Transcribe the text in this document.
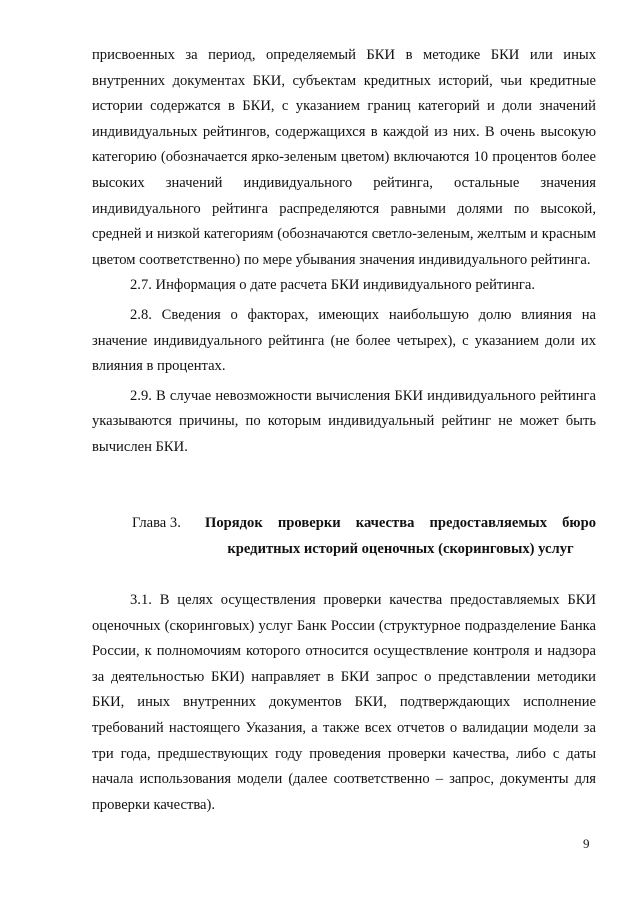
присвоенных за период, определяемый БКИ в методике БКИ или иных внутренних документах БКИ, субъектам кредитных историй, чьи кредитные истории содержатся в БКИ, с указанием границ категорий и доли значений индивидуальных рейтингов, содержащихся в каждой из них. В очень высокую категорию (обозначается ярко-зеленым цветом) включаются 10 процентов более высоких значений индивидуального рейтинга, остальные значения индивидуального рейтинга распределяются равными долями по высокой, средней и низкой категориям (обозначаются светло-зеленым, желтым и красным цветом соответственно) по мере убывания значения индивидуального рейтинга.

2.7. Информация о дате расчета БКИ индивидуального рейтинга.

2.8. Сведения о факторах, имеющих наибольшую долю влияния на значение индивидуального рейтинга (не более четырех), с указанием доли их влияния в процентах.

2.9. В случае невозможности вычисления БКИ индивидуального рейтинга указываются причины, по которым индивидуальный рейтинг не может быть вычислен БКИ.

Глава 3. Порядок проверки качества предоставляемых бюро кредитных историй оценочных (скоринговых) услуг

3.1. В целях осуществления проверки качества предоставляемых БКИ оценочных (скоринговых) услуг Банк России (структурное подразделение Банка России, к полномочиям которого относится осуществление контроля и надзора за деятельностью БКИ) направляет в БКИ запрос о представлении методики БКИ, иных внутренних документов БКИ, подтверждающих исполнение требований настоящего Указания, а также всех отчетов о валидации модели за три года, предшествующих году проведения проверки качества, либо с даты начала использования модели (далее соответственно – запрос, документы для проверки качества).

9
